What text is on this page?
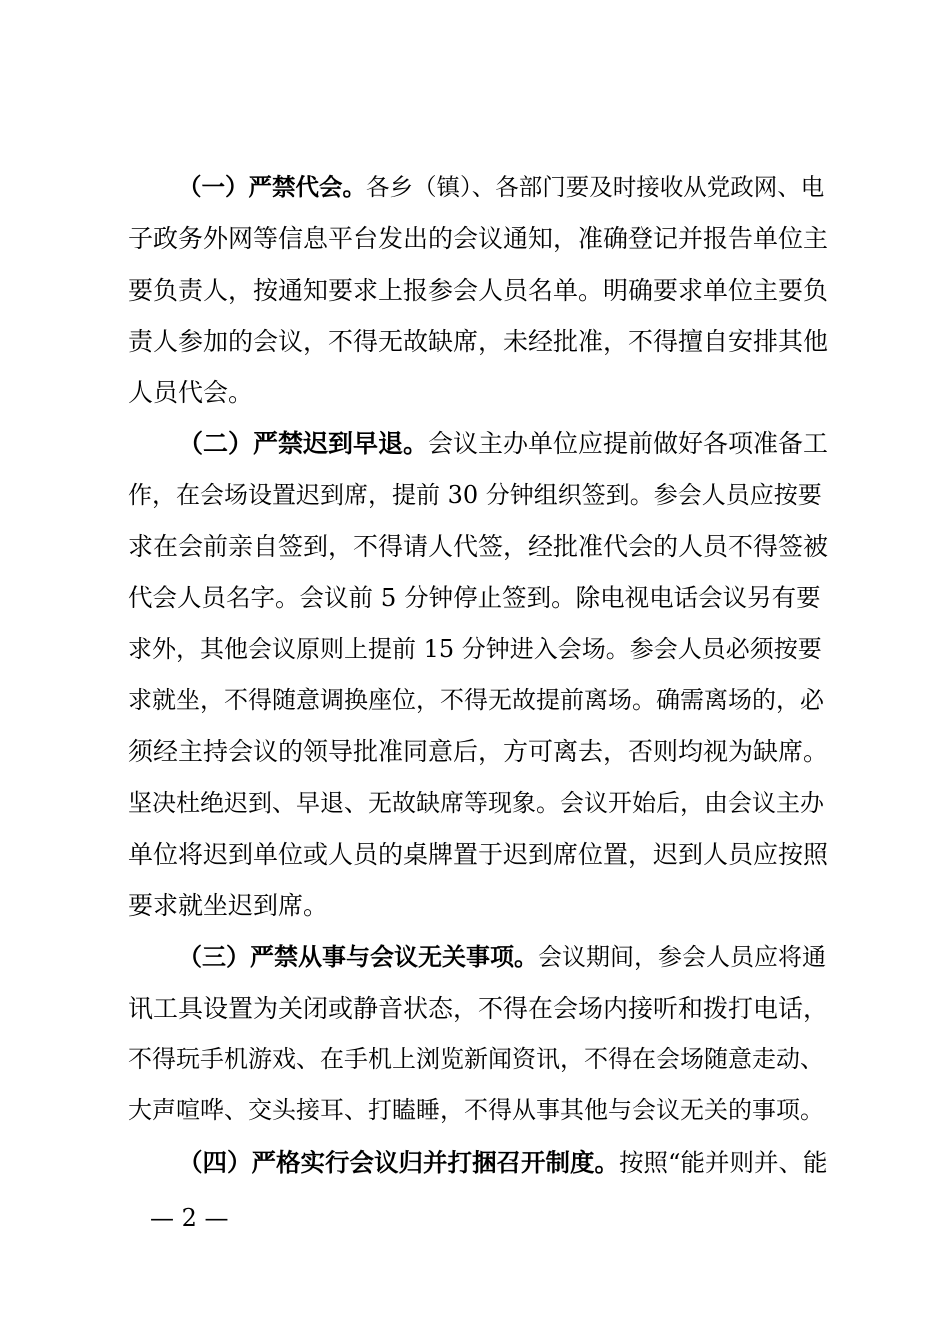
（一）严禁代会。各乡（镇）、各部门要及时接收从党政网、电
子政务外网等信息平台发出的会议通知，准确登记并报告单位主
要负责人，按通知要求上报参会人员名单。明确要求单位主要负
责人参加的会议，不得无故缺席，未经批准，不得擅自安排其他
人员代会。
（二）严禁迟到早退。会议主办单位应提前做好各项准备工
作，在会场设置迟到席，提前 30 分钟组织签到。参会人员应按要
求在会前亲自签到，不得请人代签，经批准代会的人员不得签被
代会人员名字。会议前 5 分钟停止签到。除电视电话会议另有要
求外，其他会议原则上提前 15 分钟进入会场。参会人员必须按要
求就坐，不得随意调换座位，不得无故提前离场。确需离场的，必
须经主持会议的领导批准同意后，方可离去，否则均视为缺席。
坚决杜绝迟到、早退、无故缺席等现象。会议开始后，由会议主办
单位将迟到单位或人员的桌牌置于迟到席位置，迟到人员应按照
要求就坐迟到席。
（三）严禁从事与会议无关事项。会议期间，参会人员应将通
讯工具设置为关闭或静音状态，不得在会场内接听和拨打电话，
不得玩手机游戏、在手机上浏览新闻资讯，不得在会场随意走动、
大声喧哗、交头接耳、打瞌睡，不得从事其他与会议无关的事项。
（四）严格实行会议归并打捆召开制度。按照“能并则并、能
— 2 —
